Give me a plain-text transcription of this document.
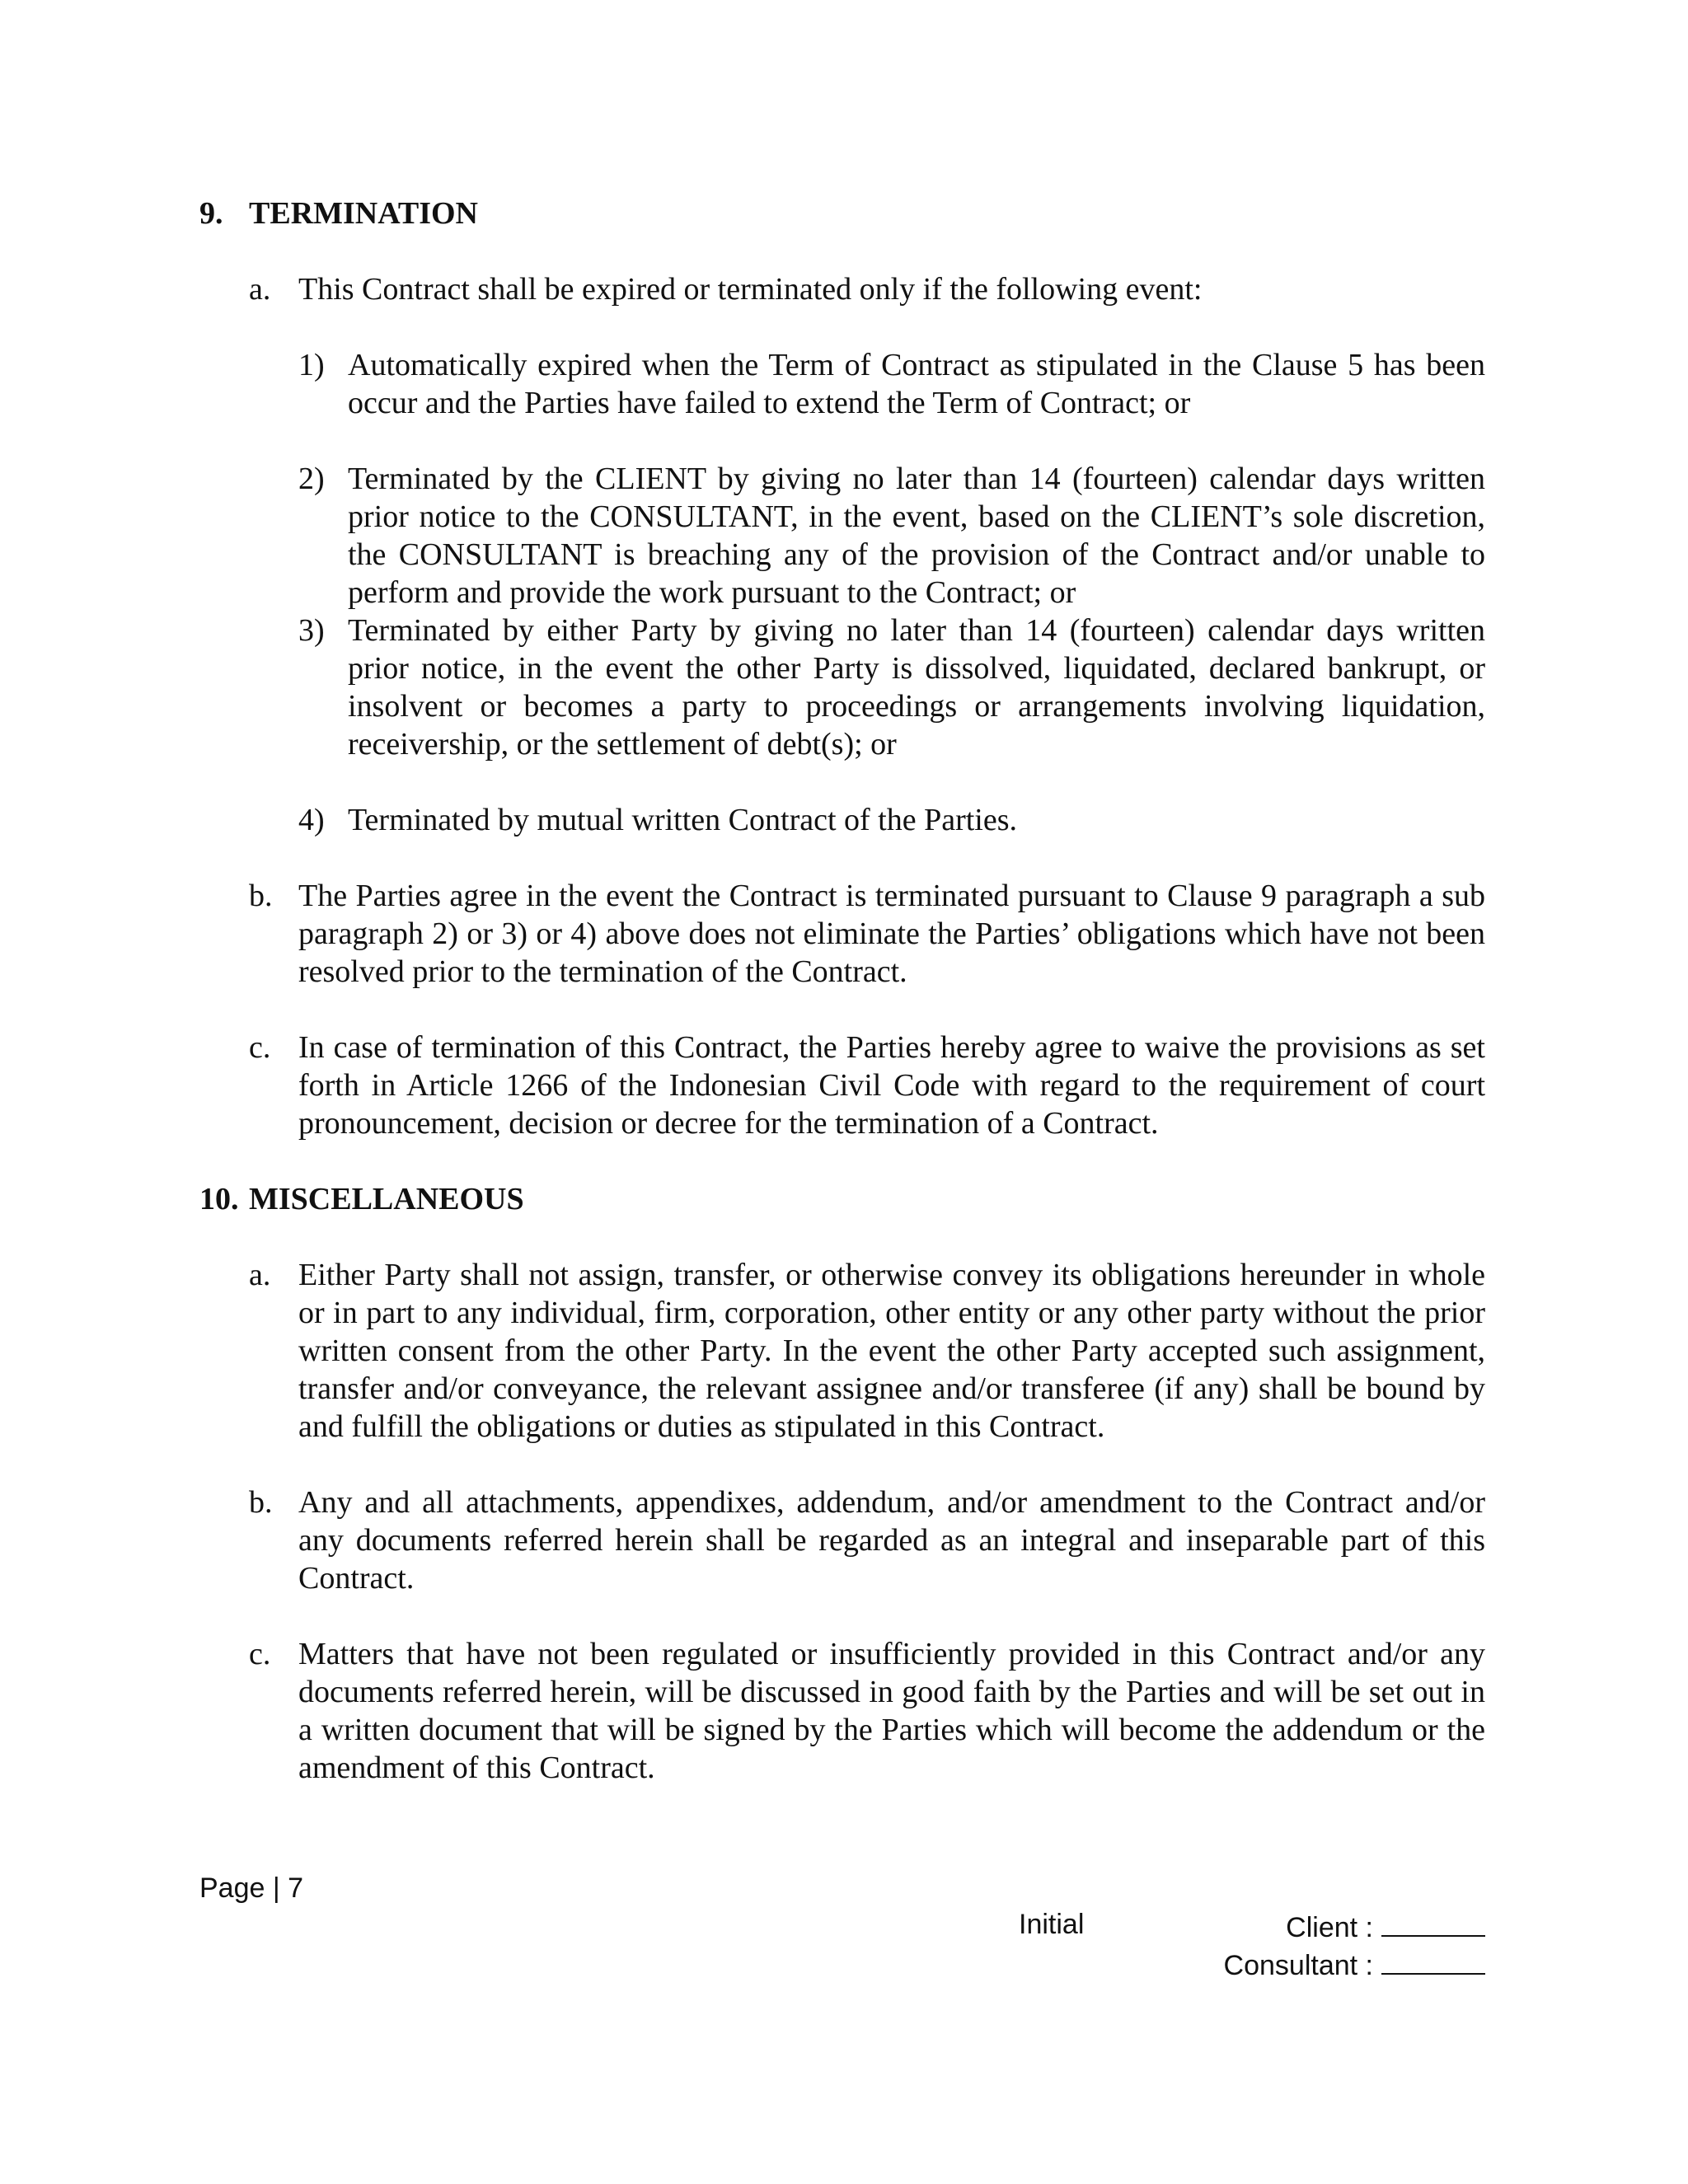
9. TERMINATION
a. This Contract shall be expired or terminated only if the following event:
1) Automatically expired when the Term of Contract as stipulated in the Clause 5 has been occur and the Parties have failed to extend the Term of Contract; or
2) Terminated by the CLIENT by giving no later than 14 (fourteen) calendar days written prior notice to the CONSULTANT, in the event, based on the CLIENT’s sole discretion, the CONSULTANT is breaching any of the provision of the Contract and/or unable to perform and provide the work pursuant to the Contract; or
3) Terminated by either Party by giving no later than 14 (fourteen) calendar days written prior notice, in the event the other Party is dissolved, liquidated, declared bankrupt, or insolvent or becomes a party to proceedings or arrangements involving liquidation, receivership, or the settlement of debt(s); or
4) Terminated by mutual written Contract of the Parties.
b. The Parties agree in the event the Contract is terminated pursuant to Clause 9 paragraph a sub paragraph 2) or 3) or 4) above does not eliminate the Parties’ obligations which have not been resolved prior to the termination of the Contract.
c. In case of termination of this Contract, the Parties hereby agree to waive the provisions as set forth in Article 1266 of the Indonesian Civil Code with regard to the requirement of court pronouncement, decision or decree for the termination of a Contract.
10. MISCELLANEOUS
a. Either Party shall not assign, transfer, or otherwise convey its obligations hereunder in whole or in part to any individual, firm, corporation, other entity or any other party without the prior written consent from the other Party. In the event the other Party accepted such assignment, transfer and/or conveyance, the relevant assignee and/or transferee (if any) shall be bound by and fulfill the obligations or duties as stipulated in this Contract.
b. Any and all attachments, appendixes, addendum, and/or amendment to the Contract and/or any documents referred herein shall be regarded as an integral and inseparable part of this Contract.
c. Matters that have not been regulated or insufficiently provided in this Contract and/or any documents referred herein, will be discussed in good faith by the Parties and will be set out in a written document that will be signed by the Parties which will become the addendum or the amendment of this Contract.
Page | 7
Initial	Client :
Consultant :
